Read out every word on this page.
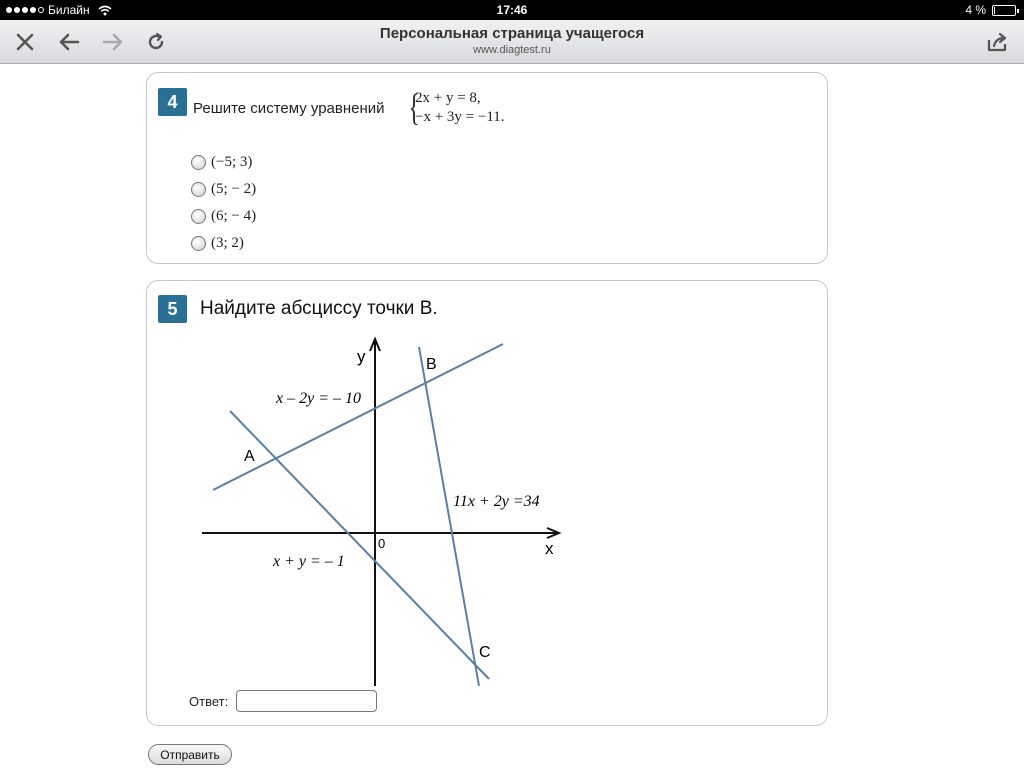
Билайн	17:46	4 %
Персональная страница учащегося
www.diagtest.ru
4	Решите систему уравнений {
2x + y = 8,
−x + 3y = −11.
(−5; 3)
(5; − 2)
(6; − 4)
(3; 2)
5	Найдите абсциссу точки B.
y
x
0
A
B
C
x – 2y = – 10
11x + 2y =34
x + y = – 1
Ответ:
Отправить
